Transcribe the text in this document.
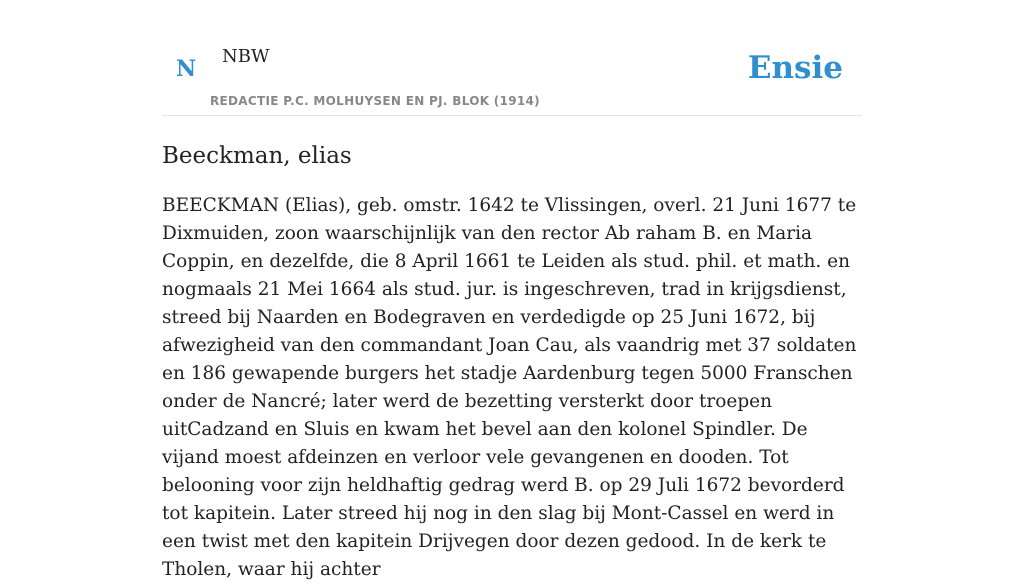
N NBW
REDACTIE P.C. MOLHUYSEN EN PJ. BLOK (1914)
Ensie
Beeckman, elias

BEECKMAN (Elias), geb. omstr. 1642 te Vlissingen, overl. 21 Juni 1677 te Dixmuiden, zoon waarschijnlijk van den rector Ab raham B. en Maria Coppin, en dezelfde, die 8 April 1661 te Leiden als stud. phil. et math. en nogmaals 21 Mei 1664 als stud. jur. is ingeschreven, trad in krijgsdienst, streed bij Naarden en Bodegraven en verdedigde op 25 Juni 1672, bij afwezigheid van den commandant Joan Cau, als vaandrig met 37 soldaten en 186 gewapende burgers het stadje Aardenburg tegen 5000 Franschen onder de Nancré; later werd de bezetting versterkt door troepen uitCadzand en Sluis en kwam het bevel aan den kolonel Spindler. De vijand moest afdeinzen en verloor vele gevangenen en dooden. Tot belooning voor zijn heldhaftig gedrag werd B. op 29 Juli 1672 bevorderd tot kapitein. Later streed hij nog in den slag bij Mont-Cassel en werd in een twist met den kapitein Drijvegen door dezen gedood. In de kerk te Tholen, waar hij achter
